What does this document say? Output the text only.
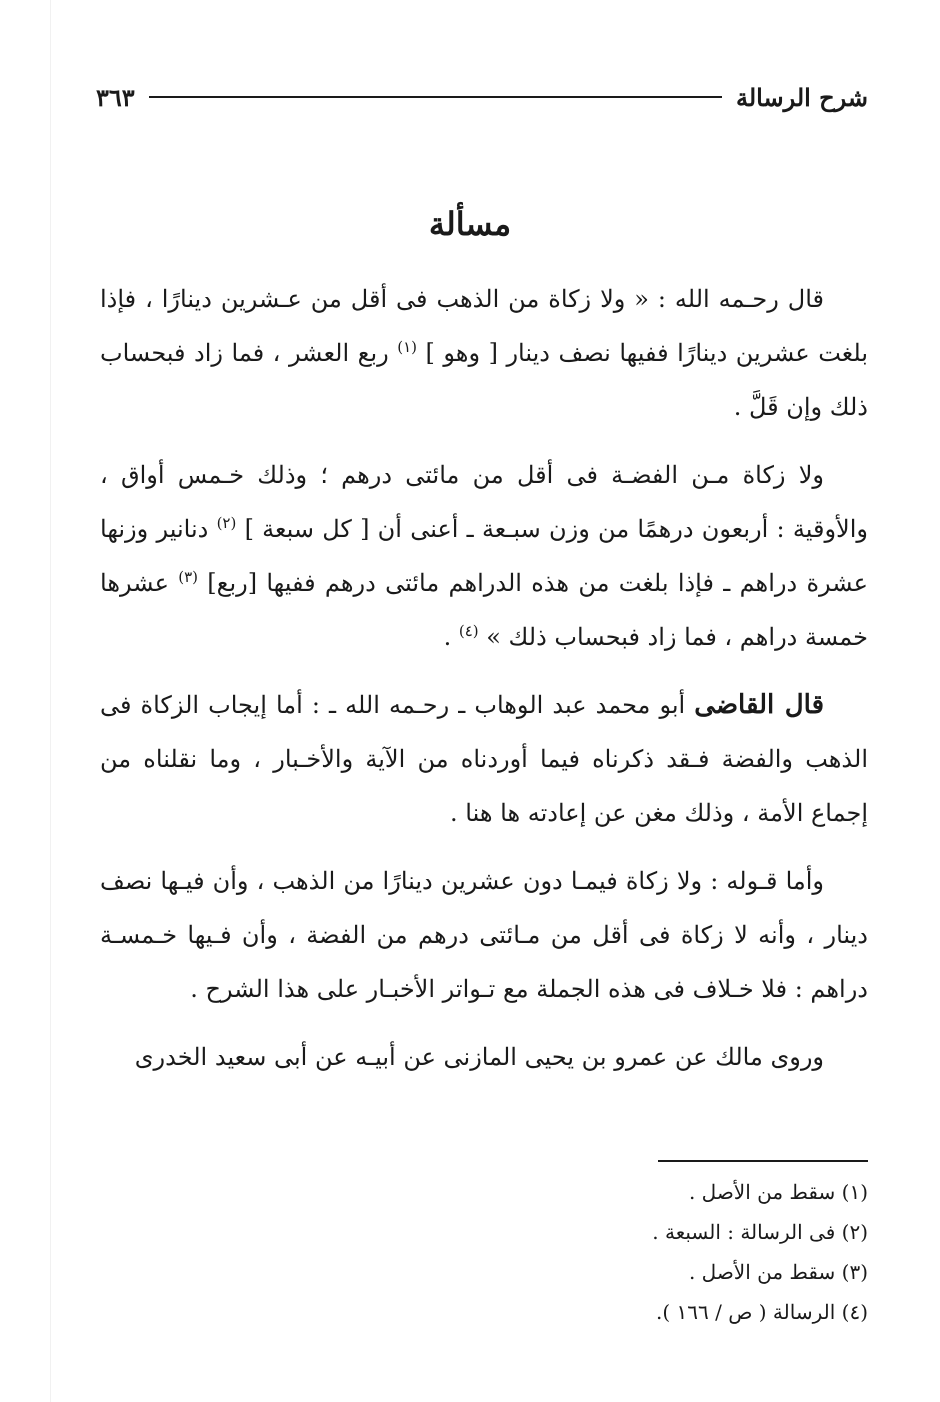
شرح الرسالة
٣٦٣
مسألة

قال رحـمه الله : « ولا زكاة من الذهب فى أقل من عـشرين دينارًا ، فإذا بلغت عشرين دينارًا ففيها نصف دينار [ وهو ] $^{(١)}$ ربع العشر ، فما زاد فبحساب ذلك وإن قَلَّ .

ولا زكاة مـن الفضـة فى أقل من مائتى درهم ؛ وذلك خـمس أواق ، والأوقية : أربعون درهمًا من وزن سبـعة ـ أعنى أن [ كل سبعة ] $^{(٢)}$ دنانير وزنها عشرة دراهم ـ فإذا بلغت من هذه الدراهم مائتى درهم ففيها [ربع] $^{(٣)}$ عشرها خمسة دراهم ، فما زاد فبحساب ذلك » $^{(٤)}$ .

قال القاضى أبو محمد عبد الوهاب ـ رحـمه الله ـ : أما إيجاب الزكاة فى الذهب والفضة فـقد ذكرناه فيما أوردناه من الآية والأخـبار ، وما نقلناه من إجماع الأمة ، وذلك مغن عن إعادته ها هنا .

وأما قـوله : ولا زكاة فيمـا دون عشرين دينارًا من الذهب ، وأن فيـها نصف دينار ، وأنه لا زكاة فى أقل من مـائتى درهم من الفضة ، وأن فـيها خـمسـة دراهم : فلا خـلاف فى هذه الجملة مع تـواتر الأخبـار على هذا الشرح .

وروى مالك عن عمرو بن يحيى المازنى عن أبيـه عن أبى سعيد الخدرى

(١) سقط من الأصل .

(٢) فى الرسالة : السبعة .

(٣) سقط من الأصل .

(٤) الرسالة ( ص / ١٦٦ ).
